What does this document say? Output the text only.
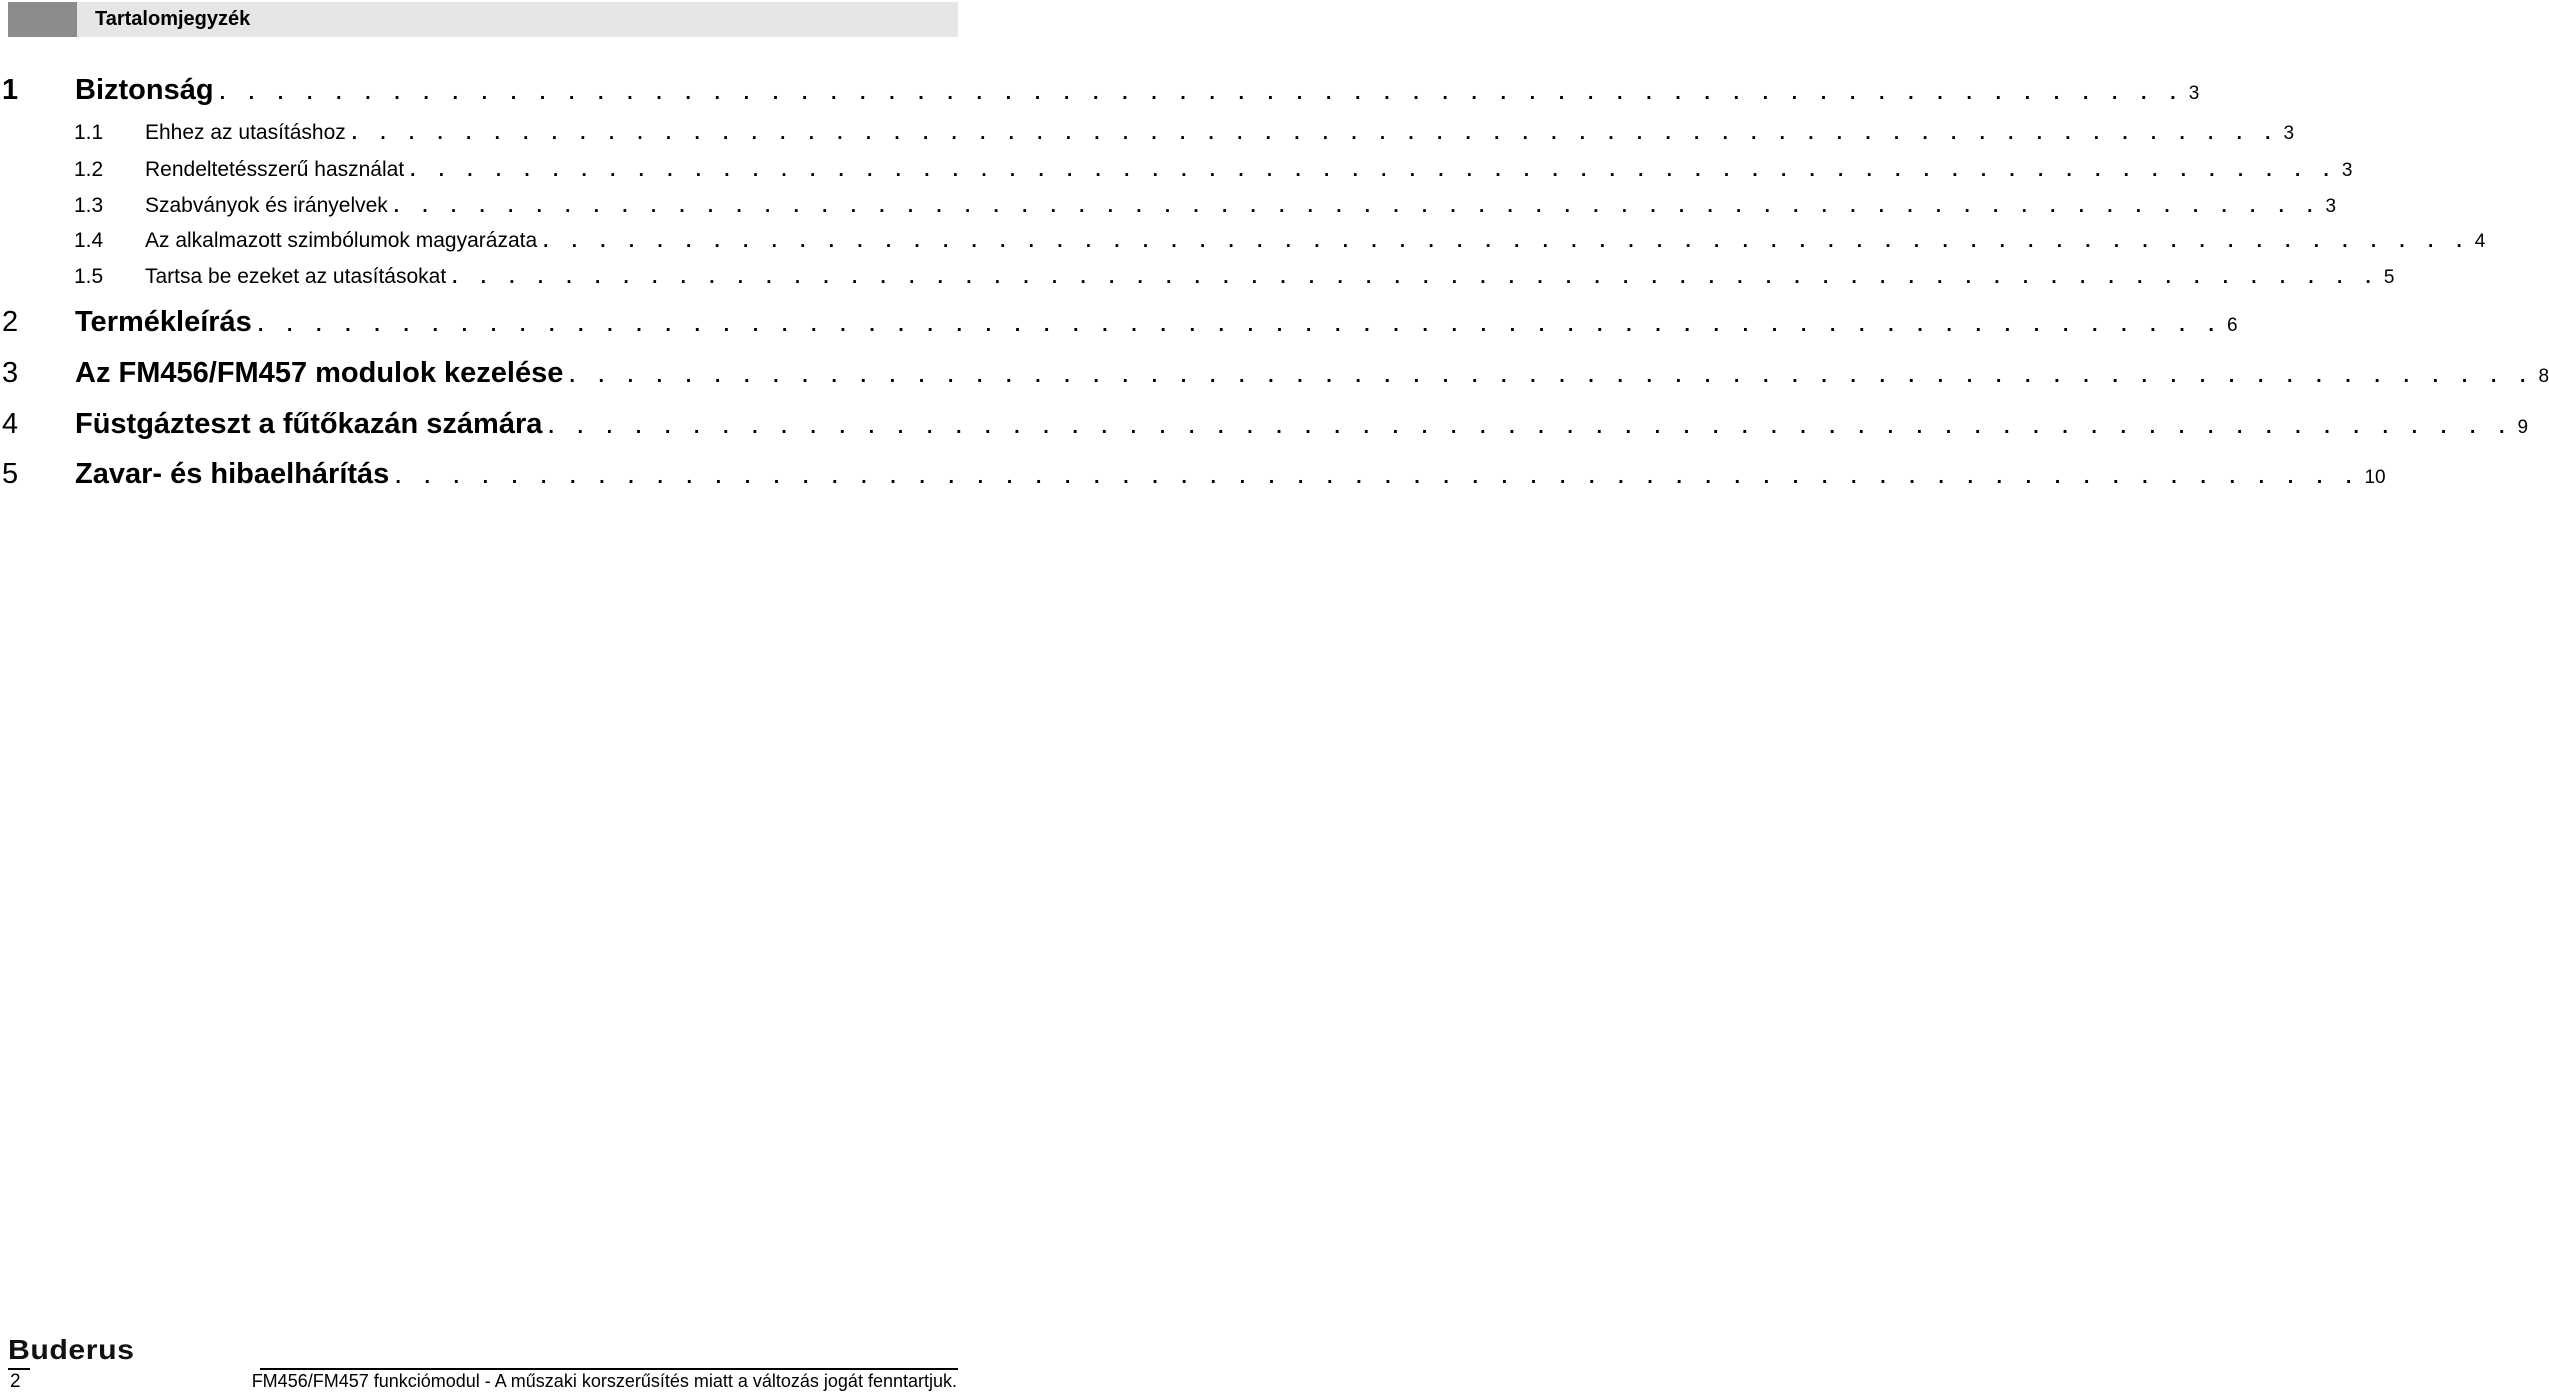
Tartalomjegyzék
1	Biztonság . . . . . . . . . . . . . . . . . . . . . . . . . . . . . . . . . . . . . . . . . . . . . . . . . . . . . . . . . . . . . . . . . . . . 3
1.1	Ehhez az utasításhoz . . . . . . . . . . . . . . . . . . . . . . . . . . . . . . . . . . . . . . . . . . . . . . . . . . . . . . . . . . . . . . . . . . . . 3
1.2	Rendeltetésszerű használat . . . . . . . . . . . . . . . . . . . . . . . . . . . . . . . . . . . . . . . . . . . . . . . . . . . . . . . . . . . . . . . . . . . . 3
1.3	Szabványok és irányelvek . . . . . . . . . . . . . . . . . . . . . . . . . . . . . . . . . . . . . . . . . . . . . . . . . . . . . . . . . . . . . . . . . . . . 3
1.4	Az alkalmazott szimbólumok magyarázata . . . . . . . . . . . . . . . . . . . . . . . . . . . . . . . . . . . . . . . . . . . . . . . . . . . . . . . . . . . . . . . . . . . . 4
1.5	Tartsa be ezeket az utasításokat . . . . . . . . . . . . . . . . . . . . . . . . . . . . . . . . . . . . . . . . . . . . . . . . . . . . . . . . . . . . . . . . . . . . 5
2	Termékleírás . . . . . . . . . . . . . . . . . . . . . . . . . . . . . . . . . . . . . . . . . . . . . . . . . . . . . . . . . . . . . . . . . . . . 6
3	Az FM456/FM457 modulok kezelése . . . . . . . . . . . . . . . . . . . . . . . . . . . . . . . . . . . . . . . . . . . . . . . . . . . . . . . . . . . . . . . . . . . . 8
4	Füstgázteszt a fűtőkazán számára . . . . . . . . . . . . . . . . . . . . . . . . . . . . . . . . . . . . . . . . . . . . . . . . . . . . . . . . . . . . . . . . . . . . 9
5	Zavar- és hibaelhárítás . . . . . . . . . . . . . . . . . . . . . . . . . . . . . . . . . . . . . . . . . . . . . . . . . . . . . . . . . . . . . . . . . . . . 10
Buderus
2	FM456/FM457 funkciómodul - A műszaki korszerűsítés miatt a változás jogát fenntartjuk.
